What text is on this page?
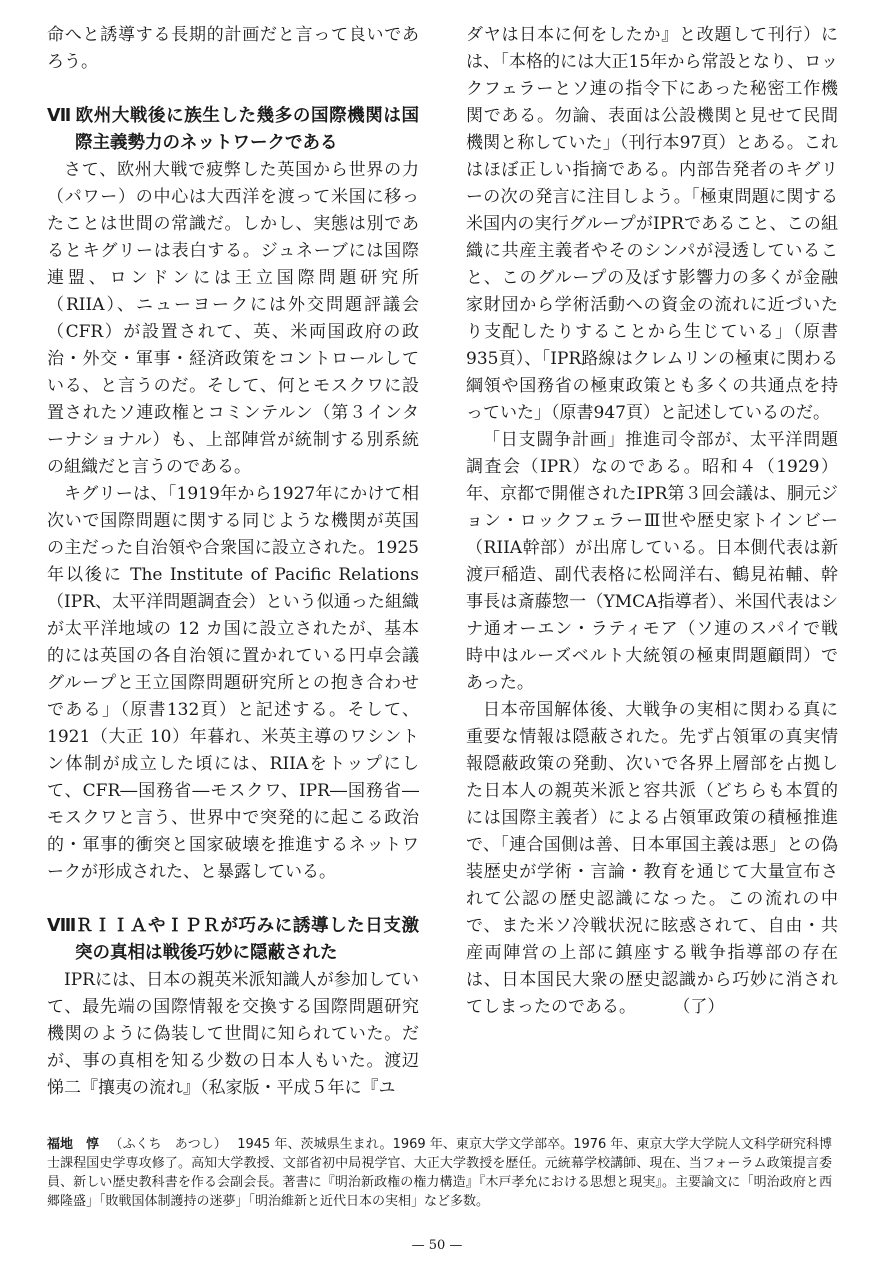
命へと誘導する長期的計画だと言って良いであろう。

Ⅶ 欧州大戦後に族生した幾多の国際機関は国際主義勢力のネットワークである

さて、欧州大戦で疲弊した英国から世界の力（パワー）の中心は大西洋を渡って米国に移ったことは世間の常識だ。しかし、実態は別であるとキグリーは表白する。ジュネーブには国際連盟、ロンドンには王立国際問題研究所（RIIA）、ニューヨークには外交問題評議会（CFR）が設置されて、英、米両国政府の政治・外交・軍事・経済政策をコントロールしている、と言うのだ。そして、何とモスクワに設置されたソ連政権とコミンテルン（第３インターナショナル）も、上部陣営が統制する別系統の組織だと言うのである。

キグリーは、「1919年から1927年にかけて相次いで国際問題に関する同じような機関が英国の主だった自治領や合衆国に設立された。1925年以後に The Institute of Pacific Relations（IPR、太平洋問題調査会）という似通った組織が太平洋地域の 12 カ国に設立されたが、基本的には英国の各自治領に置かれている円卓会議グループと王立国際問題研究所との抱き合わせである」（原書132頁）と記述する。そして、1921（大正 10）年暮れ、米英主導のワシントン体制が成立した頃には、RIIAをトップにして、CFR―国務省―モスクワ、IPR―国務省―モスクワと言う、世界中で突発的に起こる政治的・軍事的衝突と国家破壊を推進するネットワークが形成された、と暴露している。

ⅧＲＩＩＡやＩＰＲが巧みに誘導した日支激突の真相は戦後巧妙に隠蔽された

IPRには、日本の親英米派知識人が参加していて、最先端の国際情報を交換する国際問題研究機関のように偽装して世間に知られていた。だが、事の真相を知る少数の日本人もいた。渡辺悌二『攘夷の流れ』（私家版・平成５年に『ユ

ダヤは日本に何をしたか』と改題して刊行）には、「本格的には大正15年から常設となり、ロックフェラーとソ連の指令下にあった秘密工作機関である。勿論、表面は公設機関と見せて民間機関と称していた」（刊行本97頁）とある。これはほぼ正しい指摘である。内部告発者のキグリーの次の発言に注目しよう。「極東問題に関する米国内の実行グループがIPRであること、この組織に共産主義者やそのシンパが浸透していること、このグループの及ぼす影響力の多くが金融家財団から学術活動への資金の流れに近づいたり支配したりすることから生じている」（原書935頁）、「IPR路線はクレムリンの極東に関わる綱領や国務省の極東政策とも多くの共通点を持っていた」（原書947頁）と記述しているのだ。

「日支闘争計画」推進司令部が、太平洋問題調査会（IPR）なのである。昭和４（1929）年、京都で開催されたIPR第３回会議は、胴元ジョン・ロックフェラーⅢ世や歴史家トインビー（RIIA幹部）が出席している。日本側代表は新渡戸稲造、副代表格に松岡洋右、鶴見祐輔、幹事長は斎藤惣一（YMCA指導者）、米国代表はシナ通オーエン・ラティモア（ソ連のスパイで戦時中はルーズベルト大統領の極東問題顧問）であった。

日本帝国解体後、大戦争の実相に関わる真に重要な情報は隠蔽された。先ず占領軍の真実情報隠蔽政策の発動、次いで各界上層部を占拠した日本人の親英米派と容共派（どちらも本質的には国際主義者）による占領軍政策の積極推進で、「連合国側は善、日本軍国主義は悪」との偽装歴史が学術・言論・教育を通じて大量宣布されて公認の歴史認識になった。この流れの中で、また米ソ冷戦状況に眩惑されて、自由・共産両陣営の上部に鎮座する戦争指導部の存在は、日本国民大衆の歴史認識から巧妙に消されてしまったのである。 （了）

福地　惇 （ふくち　あつし） 1945 年、茨城県生まれ。1969 年、東京大学文学部卒。1976 年、東京大学大学院人文科学研究科博士課程国史学専攻修了。高知大学教授、文部省初中局視学官、大正大学教授を歴任。元統幕学校講師、現在、当フォーラム政策提言委員、新しい歴史教科書を作る会副会長。著書に『明治新政権の権力構造』『木戸孝允における思想と現実』。主要論文に「明治政府と西郷隆盛」「敗戦国体制護持の迷夢」「明治維新と近代日本の実相」など多数。
— 50 —
